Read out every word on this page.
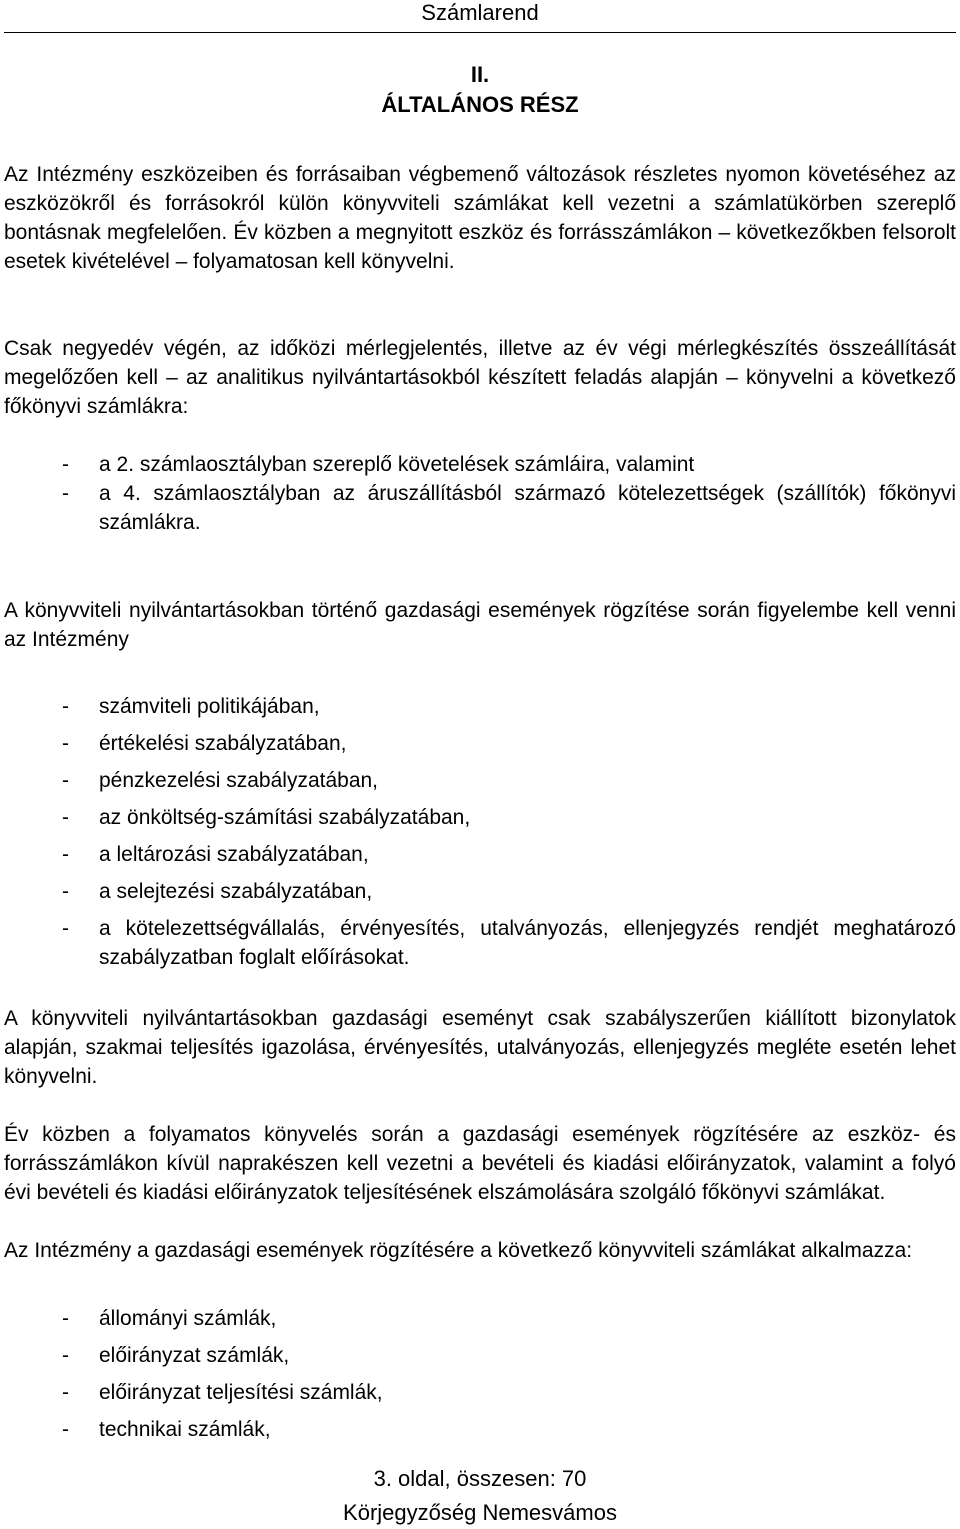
Számlarend
II.
ÁLTALÁNOS RÉSZ
Az Intézmény eszközeiben és forrásaiban végbemenő változások részletes nyomon követéséhez az eszközökről és forrásokról külön könyvviteli számlákat kell vezetni a számlatükörben szereplő bontásnak megfelelően. Év közben a megnyitott eszköz és forrásszámlákon – következőkben felsorolt esetek kivételével – folyamatosan kell könyvelni.
Csak negyedév végén, az időközi mérlegjelentés, illetve az év végi mérlegkészítés összeállítását megelőzően kell – az analitikus nyilvántartásokból készített feladás alapján – könyvelni a következő főkönyvi számlákra:
- a 2. számlaosztályban szereplő követelések számláira, valamint
- a 4. számlaosztályban az áruszállításból származó kötelezettségek (szállítók) főkönyvi számlákra.
A könyvviteli nyilvántartásokban történő gazdasági események rögzítése során figyelembe kell venni az Intézmény
- számviteli politikájában,
- értékelési szabályzatában,
- pénzkezelési szabályzatában,
- az önköltség-számítási szabályzatában,
- a leltározási szabályzatában,
- a selejtezési szabályzatában,
- a kötelezettségvállalás, érvényesítés, utalványozás, ellenjegyzés rendjét meghatározó szabályzatban foglalt előírásokat.
A könyvviteli nyilvántartásokban gazdasági eseményt csak szabályszerűen kiállított bizonylatok alapján, szakmai teljesítés igazolása, érvényesítés, utalványozás, ellenjegyzés megléte esetén lehet könyvelni.
Év közben a folyamatos könyvelés során a gazdasági események rögzítésére az eszköz- és forrásszámlákon kívül naprakészen kell vezetni a bevételi és kiadási előirányzatok, valamint a folyó évi bevételi és kiadási előirányzatok teljesítésének elszámolására szolgáló főkönyvi számlákat.
Az Intézmény a gazdasági események rögzítésére a következő könyvviteli számlákat alkalmazza:
- állományi számlák,
- előirányzat számlák,
- előirányzat teljesítési számlák,
- technikai számlák,
3. oldal, összesen: 70
Körjegyzőség Nemesvámos
